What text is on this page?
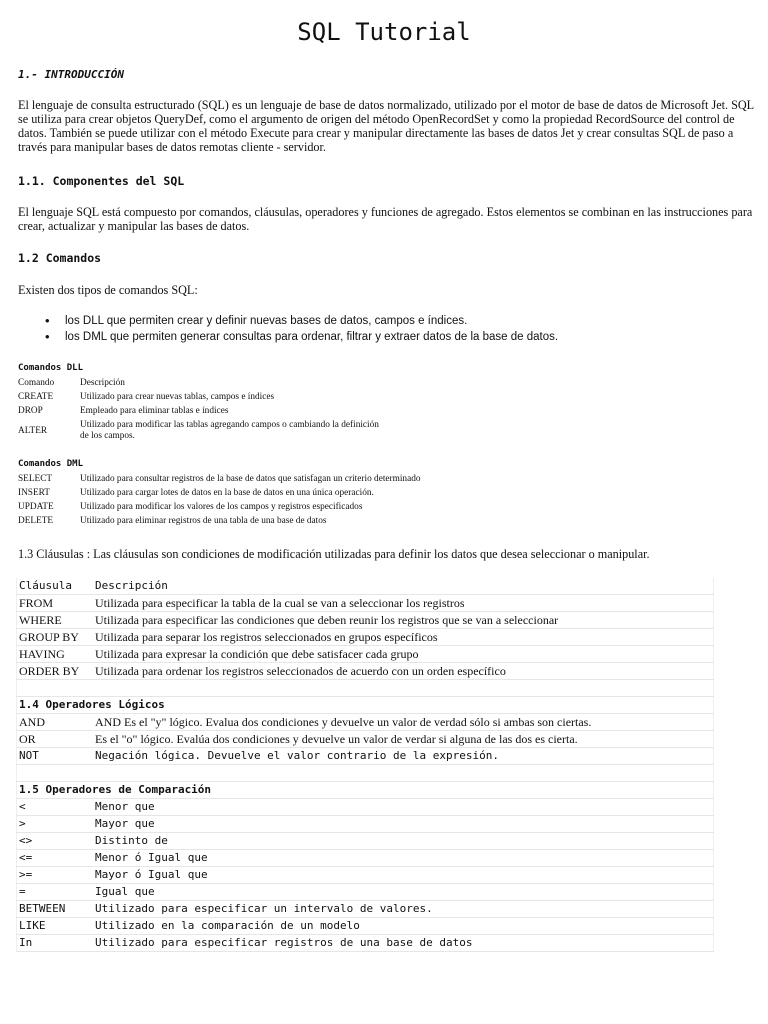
SQL Tutorial
1.- INTRODUCCIÓN
El lenguaje de consulta estructurado (SQL) es un lenguaje de base de datos normalizado, utilizado por el motor de base de datos de Microsoft Jet. SQL se utiliza para crear objetos QueryDef, como el argumento de origen del método OpenRecordSet y como la propiedad RecordSource del control de datos. También se puede utilizar con el método Execute para crear y manipular directamente las bases de datos Jet y crear consultas SQL de paso a través para manipular bases de datos remotas cliente - servidor.
1.1. Componentes del SQL
El lenguaje SQL está compuesto por comandos, cláusulas, operadores y funciones de agregado. Estos elementos se combinan en las instrucciones para crear, actualizar y manipular las bases de datos.
1.2 Comandos
Existen dos tipos de comandos SQL:
• los DLL que permiten crear y definir nuevas bases de datos, campos e índices.
• los DML que permiten generar consultas para ordenar, filtrar y extraer datos de la base de datos.
Comandos DLL
Comando	Descripción
CREATE	Utilizado para crear nuevas tablas, campos e índices
DROP	Empleado para eliminar tablas e índices
ALTER	Utilizado para modificar las tablas agregando campos o cambiando la definición de los campos.
Comandos DML
SELECT	Utilizado para consultar registros de la base de datos que satisfagan un criterio determinado
INSERT	Utilizado para cargar lotes de datos en la base de datos en una única operación.
UPDATE	Utilizado para modificar los valores de los campos y registros especificados
DELETE	Utilizado para eliminar registros de una tabla de una base de datos
1.3 Cláusulas : Las cláusulas son condiciones de modificación utilizadas para definir los datos que desea seleccionar o manipular.
Cláusula	Descripción
FROM	Utilizada para especificar la tabla de la cual se van a seleccionar los registros
WHERE	Utilizada para especificar las condiciones que deben reunir los registros que se van a seleccionar
GROUP BY	Utilizada para separar los registros seleccionados en grupos específicos
HAVING	Utilizada para expresar la condición que debe satisfacer cada grupo
ORDER BY	Utilizada para ordenar los registros seleccionados de acuerdo con un orden específico

1.4 Operadores Lógicos	
AND	AND Es el "y" lógico. Evalua dos condiciones y devuelve un valor de verdad sólo si ambas son ciertas.
OR	Es el "o" lógico. Evalúa dos condiciones y devuelve un valor de verdar si alguna de las dos es cierta.
NOT	Negación lógica. Devuelve el valor contrario de la expresión.

1.5 Operadores de Comparación	
<	Menor que
>	Mayor que
<>	Distinto de
<=	Menor ó Igual que
>=	Mayor ó Igual que
=	Igual que
BETWEEN	Utilizado para especificar un intervalo de valores.
LIKE	Utilizado en la comparación de un modelo
In	Utilizado para especificar registros de una base de datos
